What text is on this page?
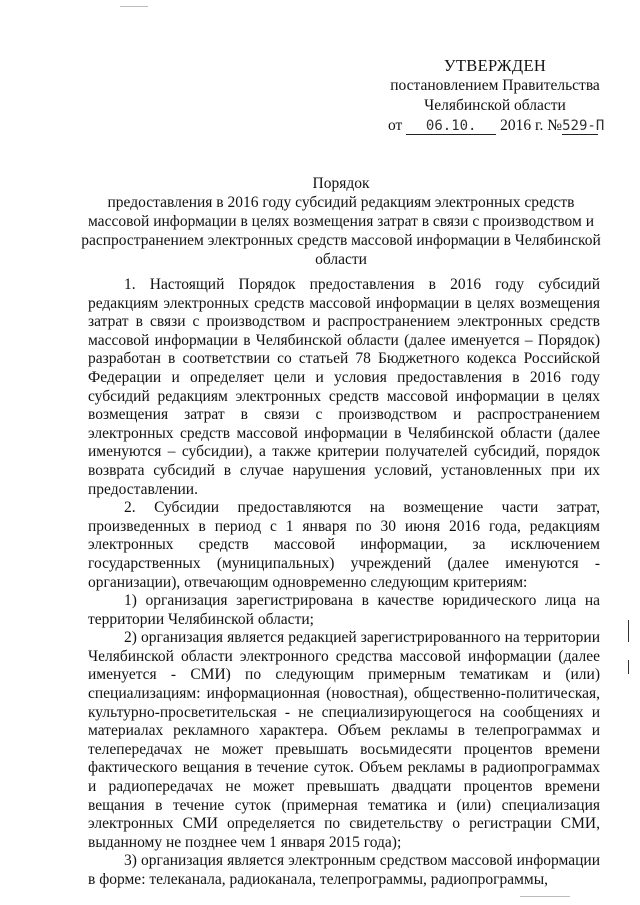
УТВЕРЖДЕН
постановлением Правительства
Челябинской области
от 06.10. 2016 г. №529-П
Порядок
предоставления в 2016 году субсидий редакциям электронных средств массовой информации в целях возмещения затрат в связи с производством и распространением электронных средств массовой информации в Челябинской области

1. Настоящий Порядок предоставления в 2016 году субсидий редакциям электронных средств массовой информации в целях возмещения затрат в связи с производством и распространением электронных средств массовой информации в Челябинской области (далее именуется – Порядок) разработан в соответствии со статьей 78 Бюджетного кодекса Российской Федерации и определяет цели и условия предоставления в 2016 году субсидий редакциям электронных средств массовой информации в целях возмещения затрат в связи с производством и распространением электронных средств массовой информации в Челябинской области (далее именуются – субсидии), а также критерии получателей субсидий, порядок возврата субсидий в случае нарушения условий, установленных при их предоставлении.

2. Субсидии предоставляются на возмещение части затрат, произведенных в период с 1 января по 30 июня 2016 года, редакциям электронных средств массовой информации, за исключением государственных (муниципальных) учреждений (далее именуются - организации), отвечающим одновременно следующим критериям:

1) организация зарегистрирована в качестве юридического лица на территории Челябинской области;

2) организация является редакцией зарегистрированного на территории Челябинской области электронного средства массовой информации (далее именуется - СМИ) по следующим примерным тематикам и (или) специализациям: информационная (новостная), общественно-политическая, культурно-просветительская - не специализирующегося на сообщениях и материалах рекламного характера. Объем рекламы в телепрограммах и телепередачах не может превышать восьмидесяти процентов времени фактического вещания в течение суток. Объем рекламы в радиопрограммах и радиопередачах не может превышать двадцати процентов времени вещания в течение суток (примерная тематика и (или) специализация электронных СМИ определяется по свидетельству о регистрации СМИ, выданному не позднее чем 1 января 2015 года);

3) организация является электронным средством массовой информации в форме: телеканала, радиоканала, телепрограммы, радиопрограммы,
